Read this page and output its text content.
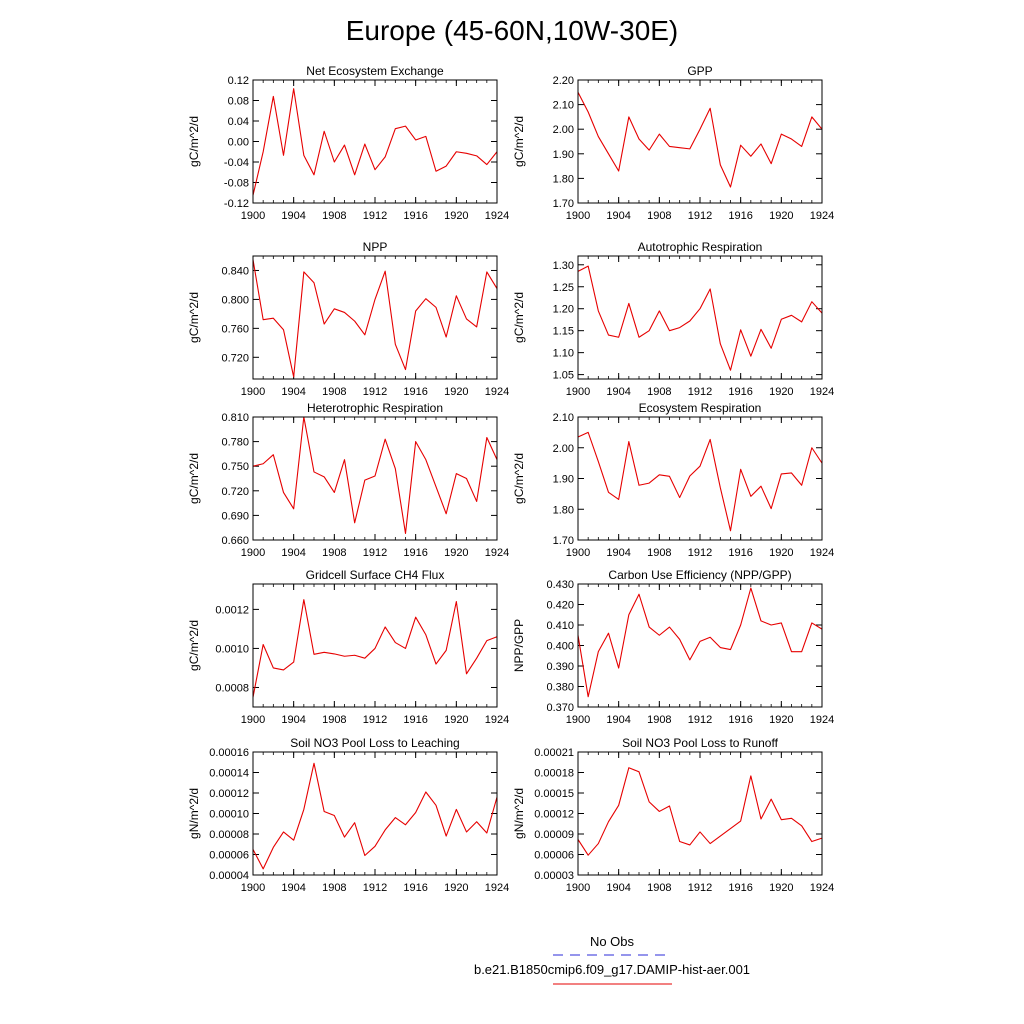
Europe (45-60N,10W-30E)
Net Ecosystem Exchange
gC/m^2/d
1900 1904 1908 1912 1916 1920 1924
-0.12
-0.08
-0.04
0.00
0.04
0.08
0.12
GPP
gC/m^2/d
1900 1904 1908 1912 1916 1920 1924
1.70
1.80
1.90
2.00
2.10
2.20
NPP
gC/m^2/d
1900 1904 1908 1912 1916 1920 1924
0.720
0.760
0.800
0.840
Autotrophic Respiration
gC/m^2/d
1900 1904 1908 1912 1916 1920 1924
1.05
1.10
1.15
1.20
1.25
1.30
Heterotrophic Respiration
gC/m^2/d
1900 1904 1908 1912 1916 1920 1924
0.660
0.690
0.720
0.750
0.780
0.810
Ecosystem Respiration
gC/m^2/d
1900 1904 1908 1912 1916 1920 1924
1.70
1.80
1.90
2.00
2.10
Gridcell Surface CH4 Flux
gC/m^2/d
1900 1904 1908 1912 1916 1920 1924
0.0008
0.0010
0.0012
Carbon Use Efficiency (NPP/GPP)
NPP/GPP
1900 1904 1908 1912 1916 1920 1924
0.370
0.380
0.390
0.400
0.410
0.420
0.430
Soil NO3 Pool Loss to Leaching
gN/m^2/d
1900 1904 1908 1912 1916 1920 1924
0.00004
0.00006
0.00008
0.00010
0.00012
0.00014
0.00016
Soil NO3 Pool Loss to Runoff
gN/m^2/d
1900 1904 1908 1912 1916 1920 1924
0.00003
0.00006
0.00009
0.00012
0.00015
0.00018
0.00021
No Obs
b.e21.B1850cmip6.f09_g17.DAMIP-hist-aer.001
